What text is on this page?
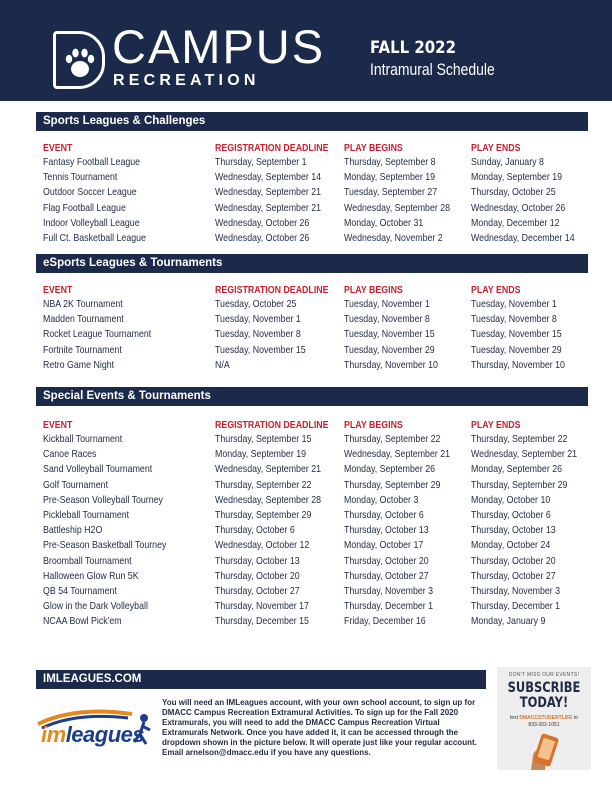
CAMPUS
RECREATION
FALL 2022
Intramural Schedule
Sports Leagues & Challenges
EVENT	REGISTRATION DEADLINE PLAY BEGINS	PLAY ENDS
Fantasy Football League	Thursday, September 1	Thursday, September 8	Sunday, January 8
Tennis Tournament	Wednesday, September 14 Monday, September 19	Monday, September 19
Outdoor Soccer League	Wednesday, September 21 Tuesday, September 27	Thursday, October 25
Flag Football League	Wednesday, September 21 Wednesday, September 28 Wednesday, October 26
Indoor Volleyball League	Wednesday, October 26	Monday, October 31	Monday, December 12
Full Ct. Basketball League	Wednesday, October 26	Wednesday, November 2	Wednesday, December 14
eSports Leagues & Tournaments
EVENT	REGISTRATION DEADLINE PLAY BEGINS	PLAY ENDS
NBA 2K Tournament	Tuesday, October 25	Tuesday, November 1	Tuesday, November 1
Madden Tournament	Tuesday, November 1	Tuesday, November 8	Tuesday, November 8
Rocket League Tournament	Tuesday, November 8	Tuesday, November 15	Tuesday, November 15
Fortnite Tournament	Tuesday, November 15	Tuesday, November 29	Tuesday, November 29
Retro Game Night	N/A	Thursday, November 10	Thursday, November 10
Special Events & Tournaments
EVENT	REGISTRATION DEADLINE PLAY BEGINS	PLAY ENDS
Kickball Tournament	Thursday, September 15	Thursday, September 22	Thursday, September 22
Canoe Races	Monday, September 19	Wednesday, September 21 Wednesday, September 21
Sand Volleyball Tournament	Wednesday, September 21 Monday, September 26	Monday, September 26
Golf Tournament	Thursday, September 22	Thursday, September 29	Thursday, September 29
Pre-Season Volleyball Tourney	Wednesday, September 28 Monday, October 3	Monday, October 10
Pickleball Tournament	Thursday, September 29	Thursday, October 6	Thursday, October 6
Battleship H2O	Thursday, October 6	Thursday, October 13	Thursday, October 13
Pre-Season Basketball Tourney	Wednesday, October 12	Monday, October 17	Monday, October 24
Broomball Tournament	Thursday, October 13	Thursday, October 20	Thursday, October 20
Halloween Glow Run 5K	Thursday, October 20	Thursday, October 27	Thursday, October 27
QB 54 Tournament	Thursday, October 27	Thursday, November 3	Thursday, November 3
Glow in the Dark Volleyball	Thursday, November 17	Thursday, December 1	Thursday, December 1
NCAA Bowl Pick'em	Thursday, December 15	Friday, December 16	Monday, January 9
IMLEAGUES.COM
imleagues
You will need an IMLeagues account, with your own school account, to sign up for DMACC Campus Recreation Extramural Activities. To sign up for the Fall 2020 Extramurals, you will need to add the DMACC Campus Recreation Virtual Extramurals Network. Once you have added it, it can be accessed through the dropdown shown in the picture below. It will operate just like your regular account. Email arnelson@dmacc.edu if you have any questions.
DON'T MISS OUR EVENTS!
SUBSCRIBE
TODAY!
text DMACCSTUDENTLIFE to
833-302-1051
